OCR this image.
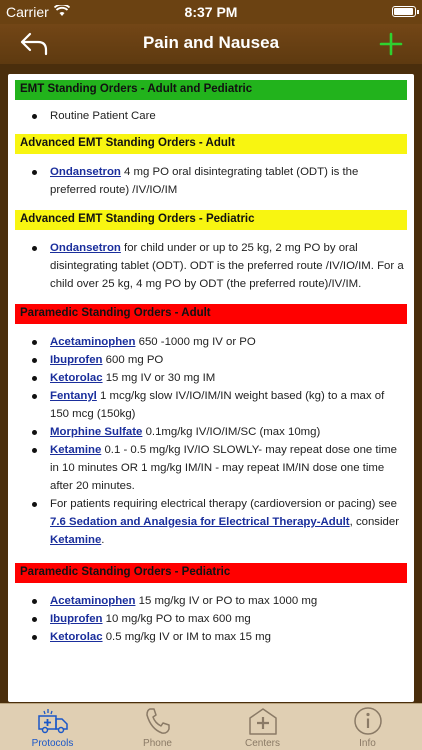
Carrier	8:37 PM
Pain and Nausea
EMT Standing Orders - Adult and Pediatric
Routine Patient Care
Advanced EMT Standing Orders - Adult
Ondansetron 4 mg PO oral disintegrating tablet (ODT) is the preferred route) /IV/IO/IM
Advanced EMT Standing Orders - Pediatric
Ondansetron for child under or up to 25 kg, 2 mg PO by oral disintegrating tablet (ODT). ODT is the preferred route /IV/IO/IM. For a child over 25 kg, 4 mg PO by ODT (the preferred route)/IV/IM.
Paramedic Standing Orders - Adult
Acetaminophen 650 -1000 mg IV or PO
Ibuprofen 600 mg PO
Ketorolac 15 mg IV or 30 mg IM
Fentanyl 1 mcg/kg slow IV/IO/IM/IN weight based (kg) to a max of 150 mcg (150kg)
Morphine Sulfate 0.1mg/kg IV/IO/IM/SC (max 10mg)
Ketamine 0.1 - 0.5 mg/kg IV/IO SLOWLY- may repeat dose one time in 10 minutes OR 1 mg/kg IM/IN - may repeat IM/IN dose one time after 20 minutes.
For patients requiring electrical therapy (cardioversion or pacing) see 7.6 Sedation and Analgesia for Electrical Therapy-Adult, consider Ketamine.
Paramedic Standing Orders - Pediatric
Acetaminophen 15 mg/kg IV or PO to max 1000 mg
Ibuprofen 10 mg/kg PO to max 600 mg
Ketorolac 0.5 mg/kg IV or IM to max 15 mg
Protocols	Phone	Centers	Info
